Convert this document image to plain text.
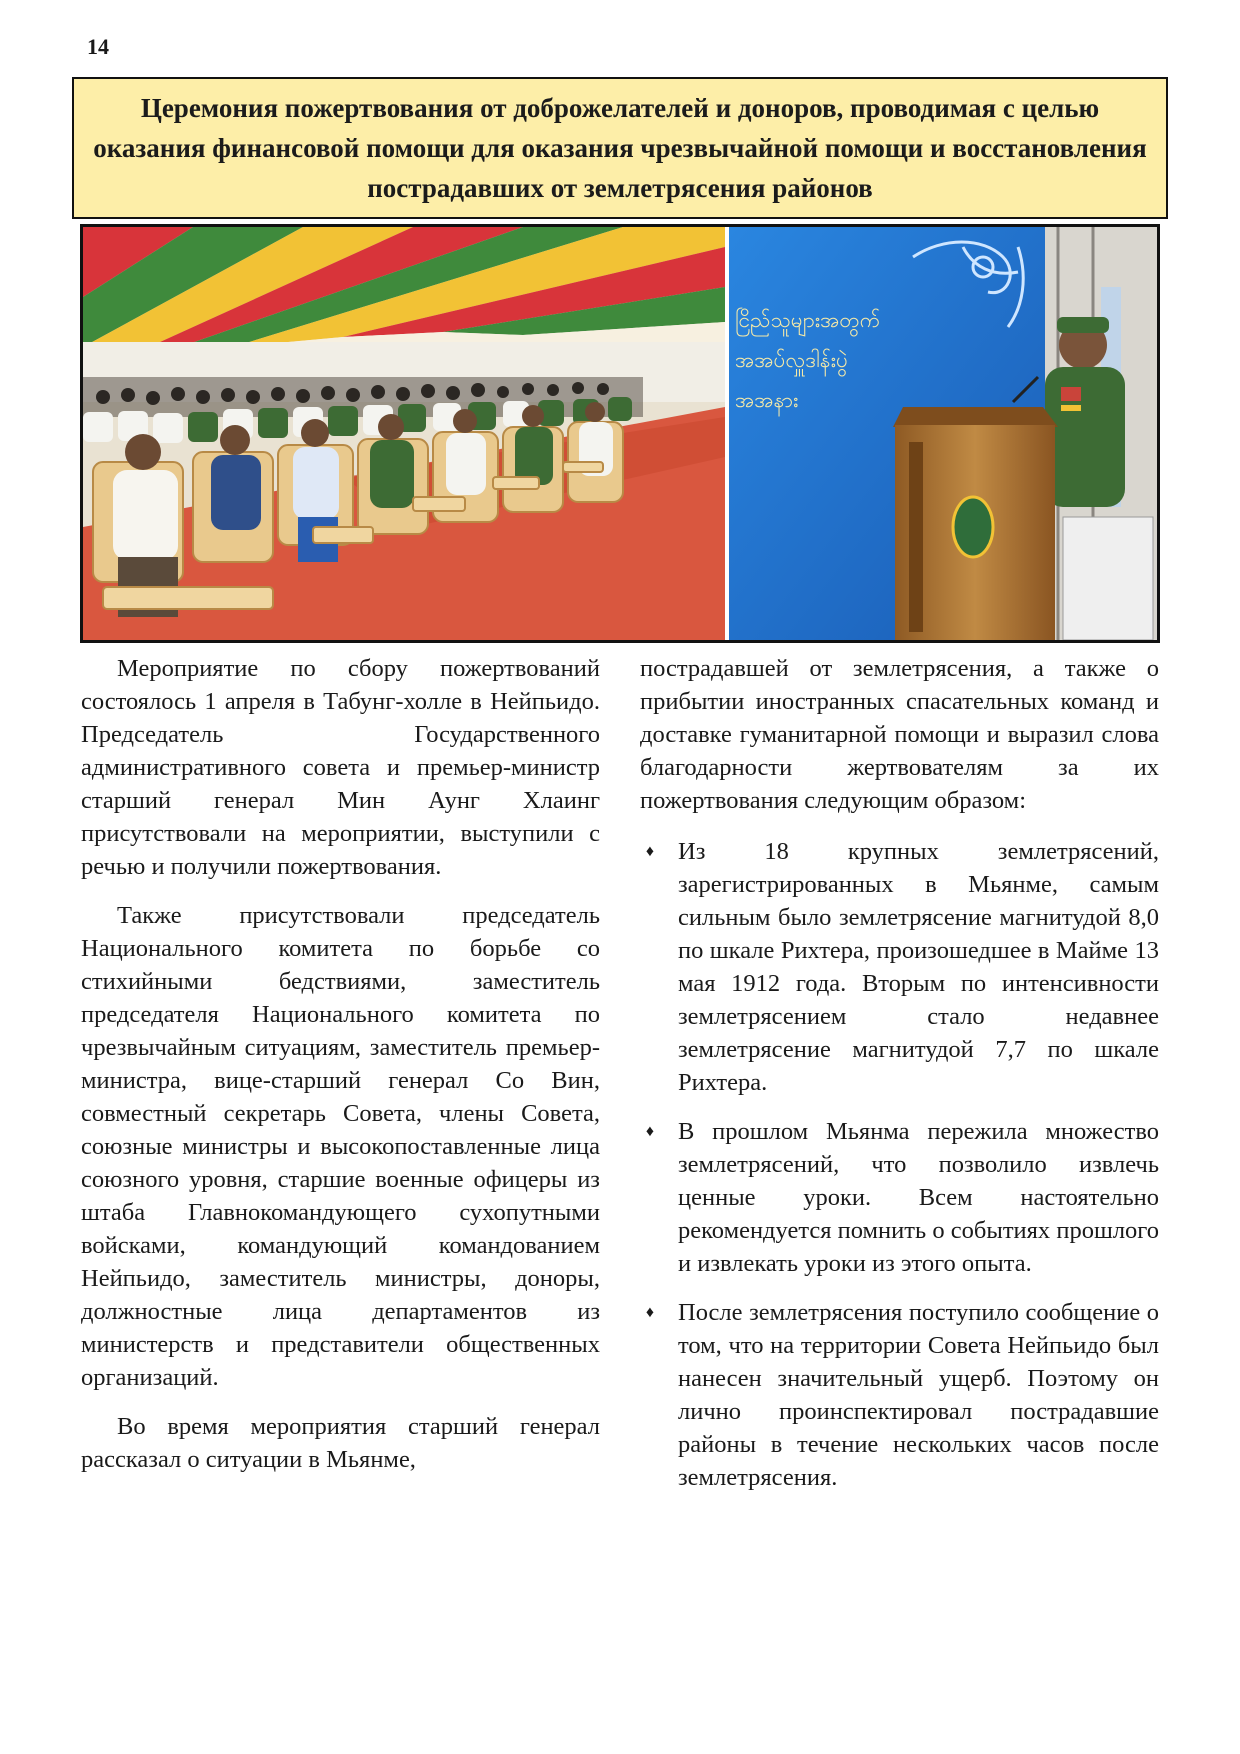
14
Церемония пожертвования от доброжелателей и доноров, проводимая с целью оказания финансовой помощи для оказания чрезвычайной помощи и восстановления пострадавших от землетрясения районов
ငြိည်သူများအတွက်
အအပ်လှူဒါန်းပွဲ
အအနား

Мероприятие по сбору пожертвований состоялось 1 апреля в Табунг-холле в Нейпьидо. Председатель Государственного административного совета и премьер-министр старший генерал Мин Аунг Хлаинг присутствовали на мероприятии, выступили с речью и получили пожертвования.

Также присутствовали председатель Национального комитета по борьбе со стихийными бедствиями, заместитель председателя Национального комитета по чрезвычайным ситуациям, заместитель премьер-министра, вице-старший генерал Со Вин, совместный секретарь Совета, члены Совета, союзные министры и высокопоставленные лица союзного уровня, старшие военные офицеры из штаба Главнокомандующего сухопутными войсками, командующий командованием Нейпьидо, заместитель министры, доноры, должностные лица департаментов из министерств и представители общественных организаций.

Во время мероприятия старший генерал рассказал о ситуации в Мьянме,

пострадавшей от землетрясения, а также о прибытии иностранных спасательных команд и доставке гуманитарной помощи и выразил слова благодарности жертвователям за их пожертвования следующим образом:

♦ Из 18 крупных землетрясений, зарегистрированных в Мьянме, самым сильным было землетрясение магнитудой 8,0 по шкале Рихтера, произошедшее в Майме 13 мая 1912 года. Вторым по интенсивности землетрясением стало недавнее землетрясение магнитудой 7,7 по шкале Рихтера.
♦ В прошлом Мьянма пережила множество землетрясений, что позволило извлечь ценные уроки. Всем настоятельно рекомендуется помнить о событиях прошлого и извлекать уроки из этого опыта.
♦ После землетрясения поступило сообщение о том, что на территории Совета Нейпьидо был нанесен значительный ущерб. Поэтому он лично проинспектировал пострадавшие районы в течение нескольких часов после землетрясения.
